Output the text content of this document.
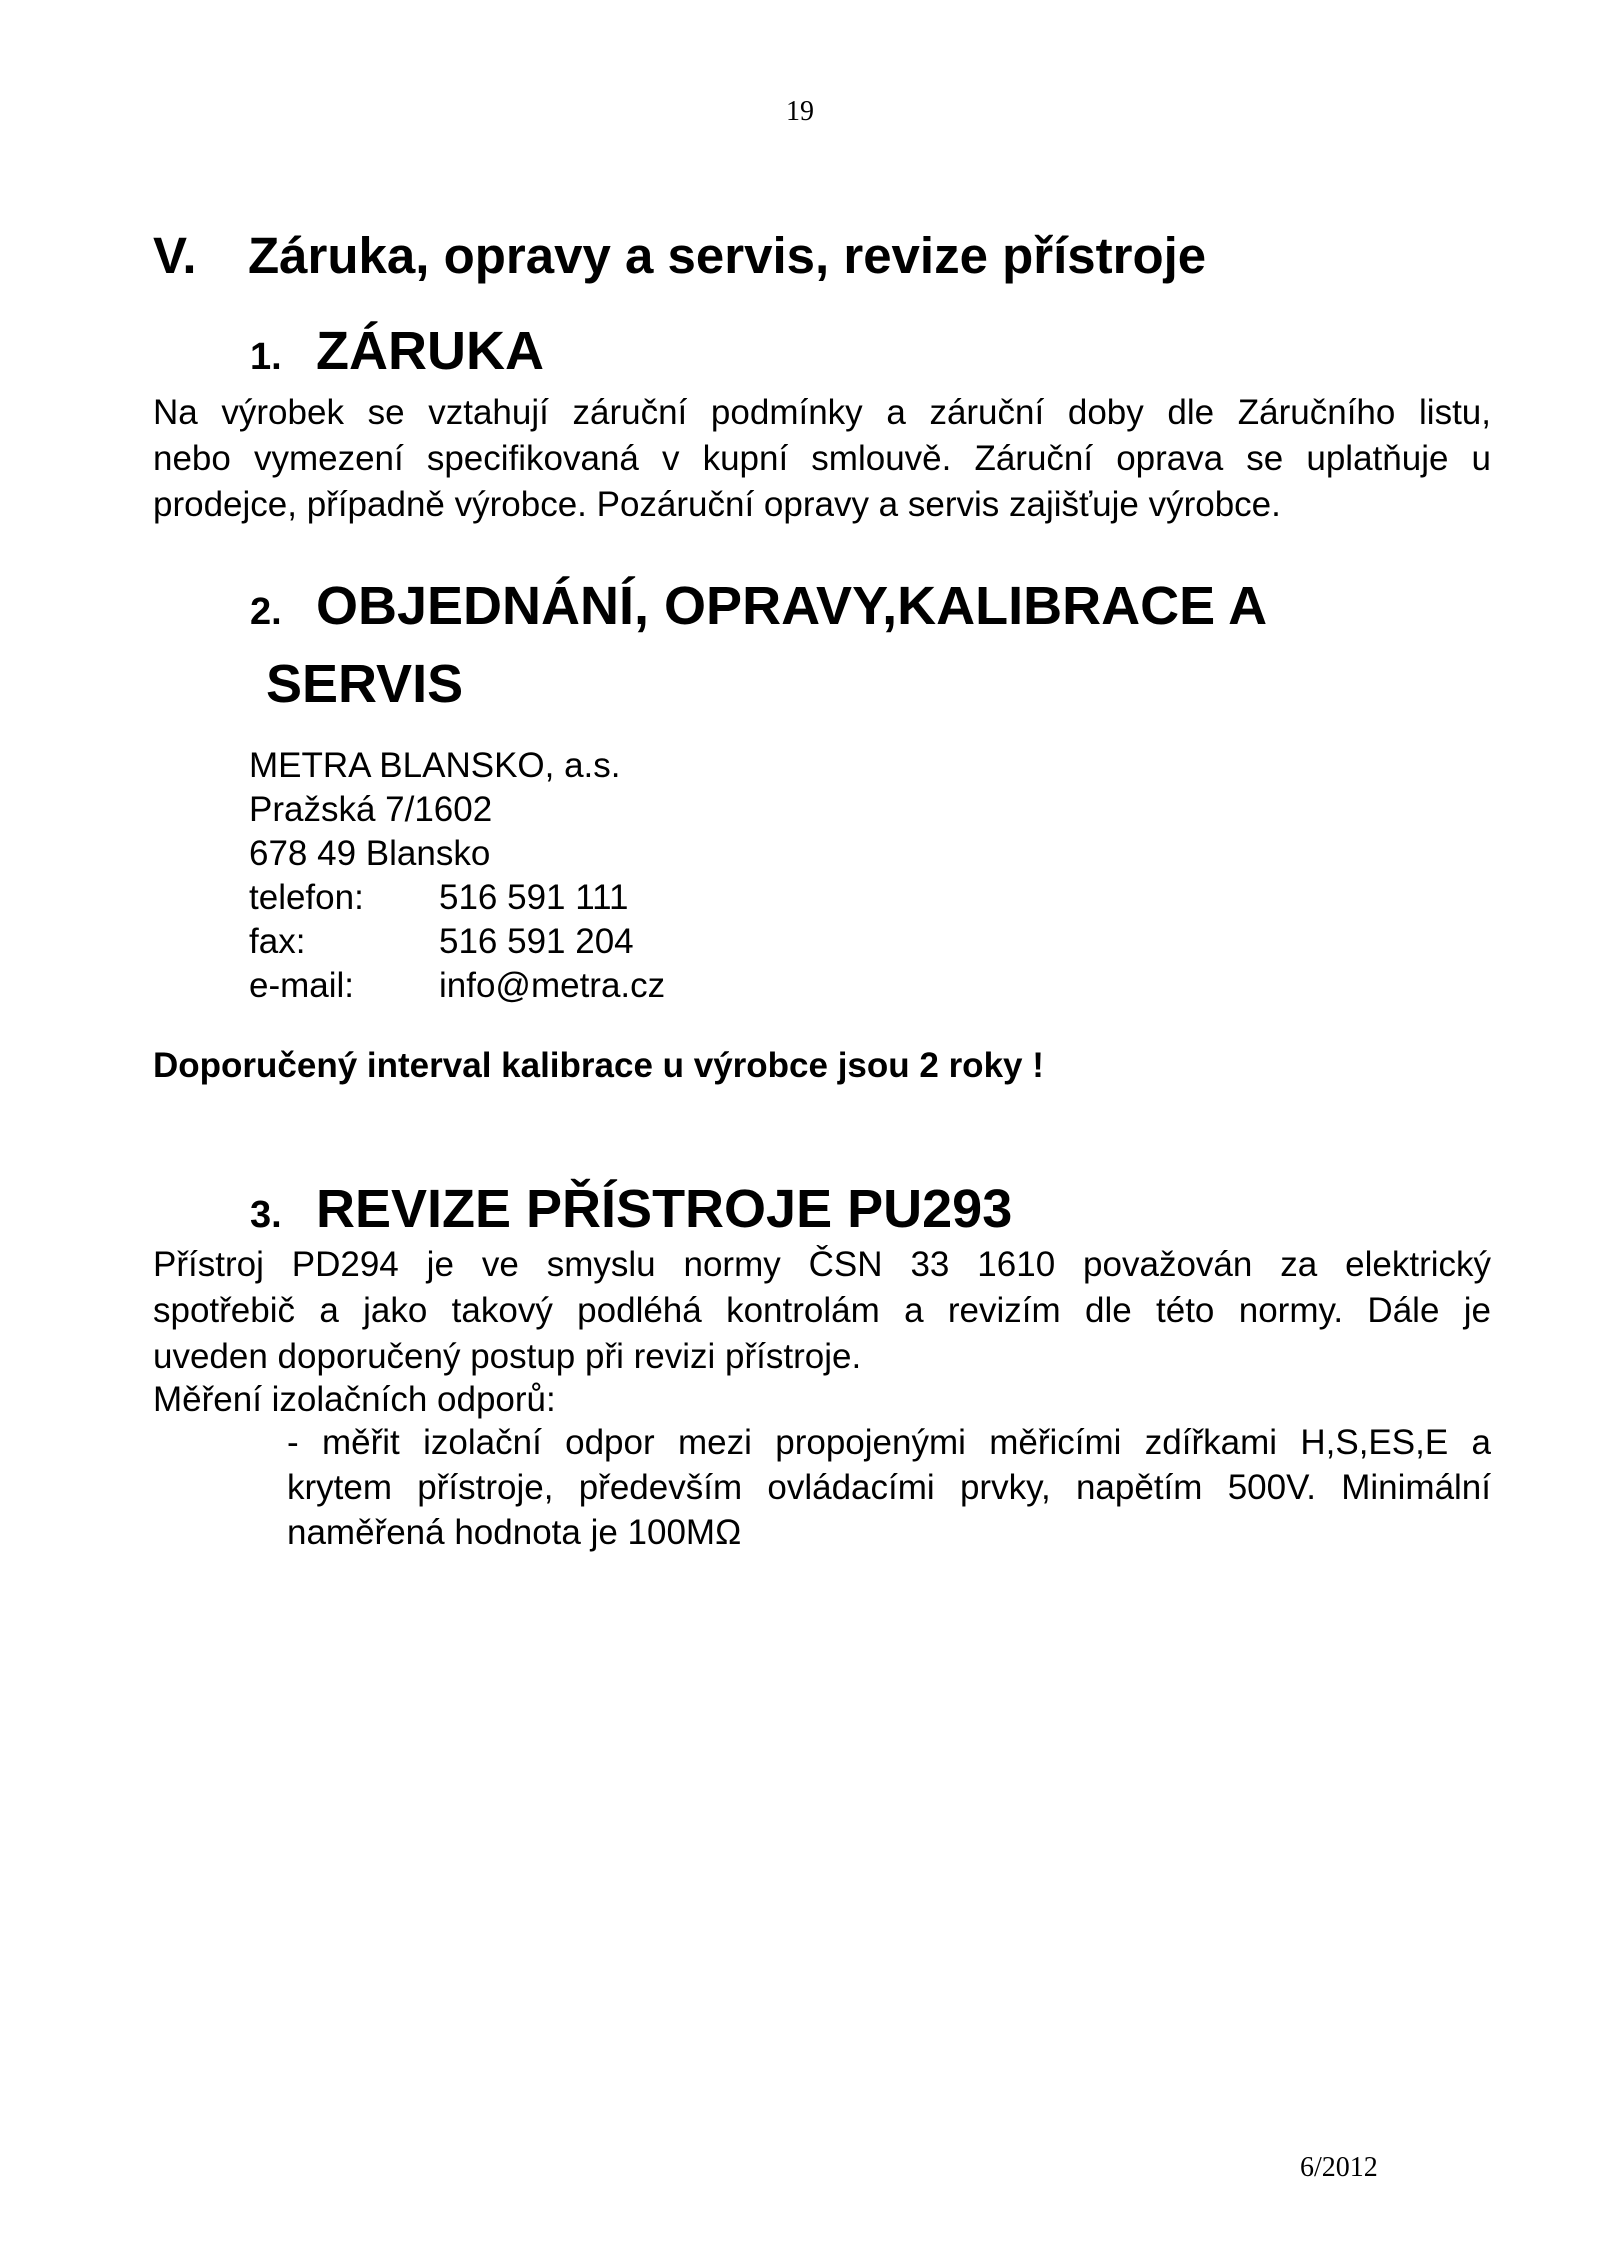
19
V. Záruka, opravy a servis, revize přístroje
1. ZÁRUKA
Na výrobek se vztahují záruční podmínky a záruční doby dle Záručního listu,
nebo vymezení specifikovaná v kupní smlouvě. Záruční oprava se uplatňuje u
prodejce, případně výrobce. Pozáruční opravy a servis zajišťuje výrobce.
2. OBJEDNÁNÍ, OPRAVY,KALIBRACE A
SERVIS
METRA BLANSKO, a.s.
Pražská 7/1602
678 49 Blansko
telefon: 516 591 111
fax:	516 591 204
e-mail: info@metra.cz
Doporučený interval kalibrace u výrobce jsou 2 roky !
3. REVIZE PŘÍSTROJE PU293
Přístroj PD294 je ve smyslu normy ČSN 33 1610 považován za elektrický
spotřebič a jako takový podléhá kontrolám a revizím dle této normy. Dále je
uveden doporučený postup při revizi přístroje.
Měření izolačních odporů:
- měřit izolační odpor mezi propojenými měřicími zdířkami H,S,ES,E a
krytem přístroje, především ovládacími prvky, napětím 500V. Minimální
naměřená hodnota je 100MΩ
6/2012
